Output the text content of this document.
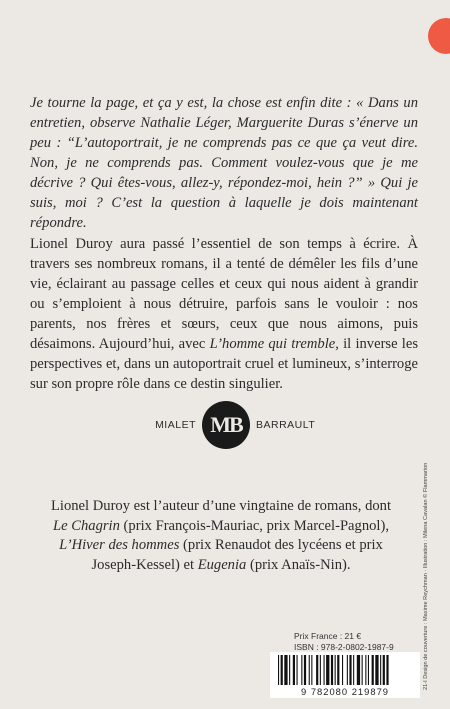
Je tourne la page, et ça y est, la chose est enfin dite : « Dans un entretien, observe Nathalie Léger, Marguerite Duras s’énerve un peu : “L’autoportrait, je ne comprends pas ce que ça veut dire. Non, je ne comprends pas. Comment voulez-vous que je me décrive ? Qui êtes-vous, allez-y, répondez-moi, hein ?” » Qui je suis, moi ? C’est la question à laquelle je dois maintenant répondre.

Lionel Duroy aura passé l’essentiel de son temps à écrire. À travers ses nombreux romans, il a tenté de démêler les fils d’une vie, éclairant au passage celles et ceux qui nous aident à grandir ou s’emploient à nous détruire, parfois sans le vouloir : nos parents, nos frères et sœurs, ceux que nous aimons, puis désaimons. Aujourd’hui, avec L’homme qui tremble, il inverse les perspectives et, dans un autoportrait cruel et lumineux, s’interroge sur son propre rôle dans ce destin singulier.

MIALET MB	BARRAULT
Lionel Duroy est l’auteur d’une vingtaine de romans, dont Le Chagrin (prix François-Mauriac, prix Marcel-Pagnol), L’Hiver des hommes (prix Renaudot des lycéens et prix Joseph-Kessel) et Eugenia (prix Anaïs-Nin).	21-I Design de couverture : Maxime Reychman · Illustration : Milena Cavalan © Flammarion
Prix France : 21 €
ISBN : 978-2-0802-1987-9
9 782080 219879
